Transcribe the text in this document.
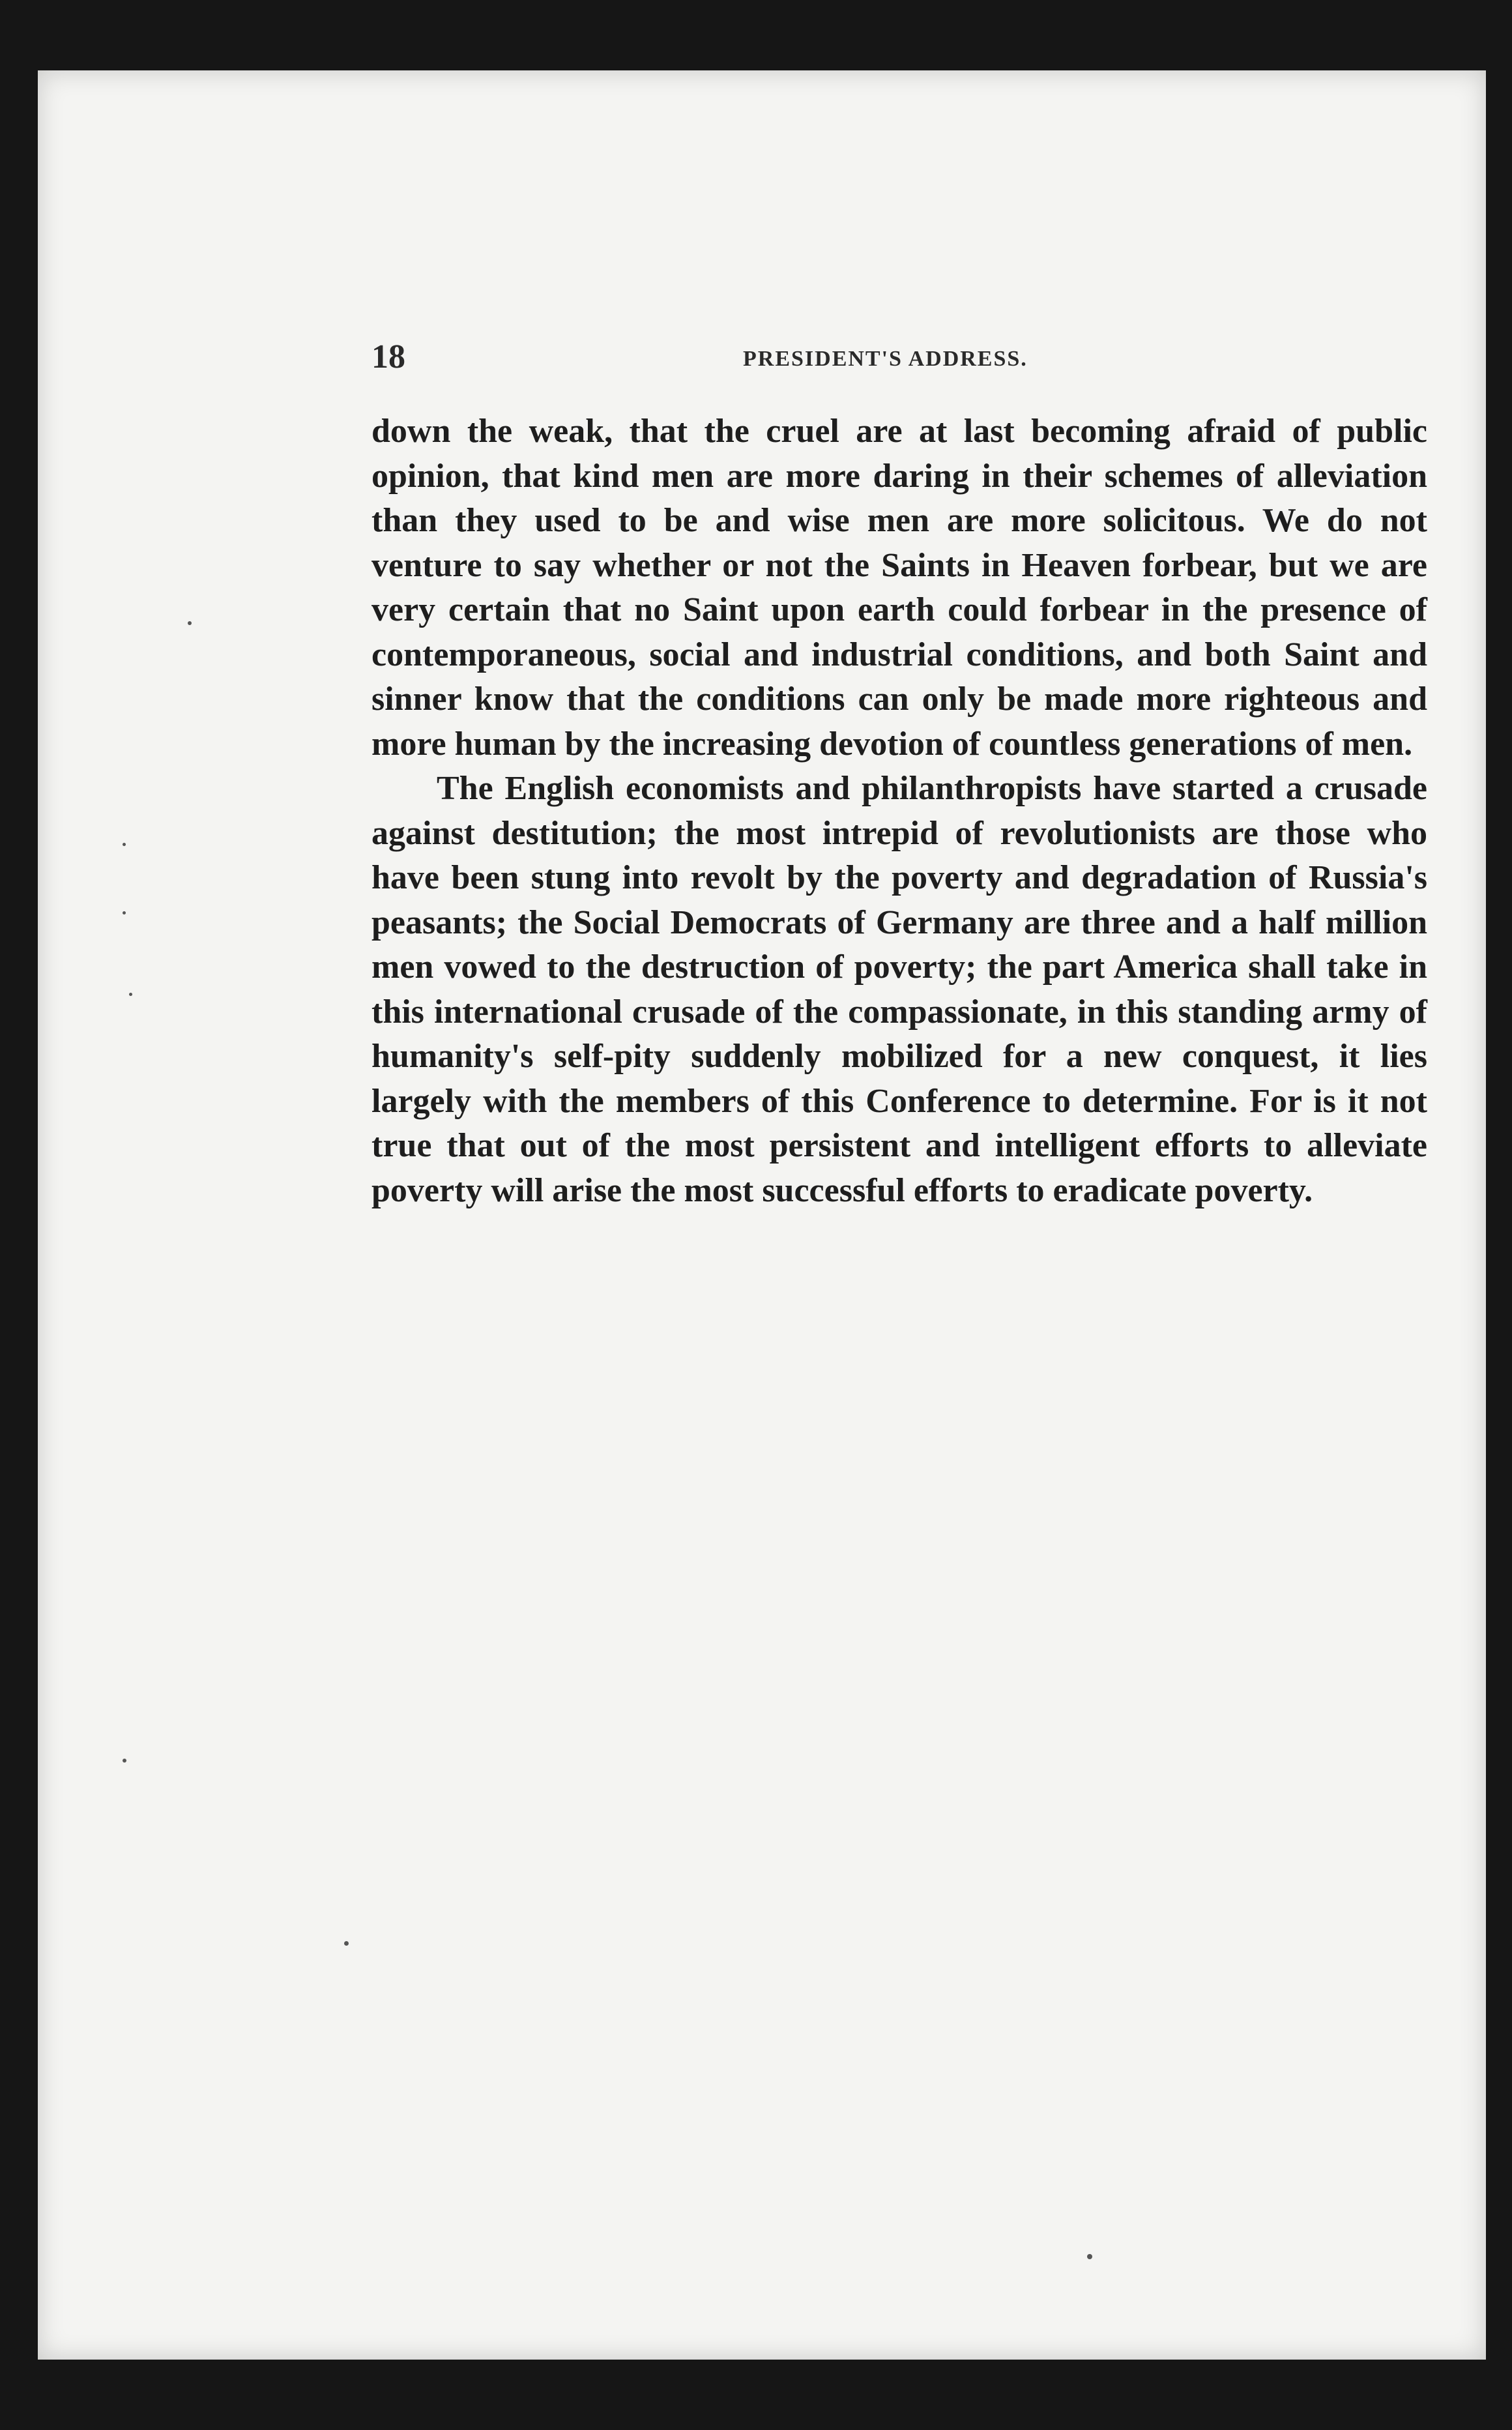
18	PRESIDENT'S ADDRESS.

down the weak, that the cruel are at last becoming afraid of public opinion, that kind men are more daring in their schemes of alleviation than they used to be and wise men are more solicitous. We do not venture to say whether or not the Saints in Heaven forbear, but we are very certain that no Saint upon earth could forbear in the presence of contemporaneous, social and industrial conditions, and both Saint and sinner know that the conditions can only be made more righteous and more human by the increasing devotion of countless generations of men.

The English economists and philanthropists have started a crusade against destitution; the most intrepid of revolutionists are those who have been stung into revolt by the poverty and degradation of Russia's peasants; the Social Democrats of Germany are three and a half million men vowed to the destruction of poverty; the part America shall take in this international crusade of the compassionate, in this standing army of humanity's self-pity suddenly mobilized for a new conquest, it lies largely with the members of this Conference to determine. For is it not true that out of the most persistent and intelligent efforts to alleviate poverty will arise the most successful efforts to eradicate poverty.
